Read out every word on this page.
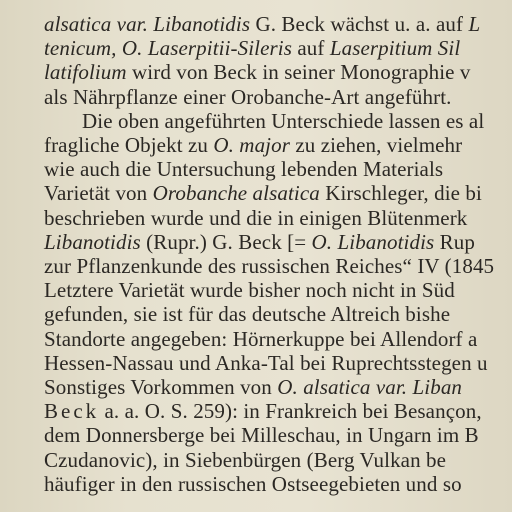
alsatica var. Libanotidis G. Beck wächst u. a. auf L
tenicum, O. Laserpitii-Sileris auf Laserpitium Sil
latifolium wird von Beck in seiner Monographie v
als Nährpflanze einer Orobanche-Art angeführt.
Die oben angeführten Unterschiede lassen es al
fragliche Objekt zu O. major zu ziehen, vielmehr
wie auch die Untersuchung lebenden Materials
Varietät von Orobanche alsatica Kirschleger, die bi
beschrieben wurde und die in einigen Blütenmerk
Libanotidis (Rupr.) G. Beck [= O. Libanotidis Rup
zur Pflanzenkunde des russischen Reiches“ IV (1845
Letztere Varietät wurde bisher noch nicht in Süd
gefunden, sie ist für das deutsche Altreich bishe
Standorte angegeben: Hörnerkuppe bei Allendorf a
Hessen-Nassau und Anka-Tal bei Ruprechtsstegen u
Sonstiges Vorkommen von O. alsatica var. Liban
Beck a. a. O. S. 259): in Frankreich bei Besançon,
dem Donnersberge bei Milleschau, in Ungarn im B
Czudanovic), in Siebenbürgen (Berg Vulkan be
häufiger in den russischen Ostseegebieten und so
